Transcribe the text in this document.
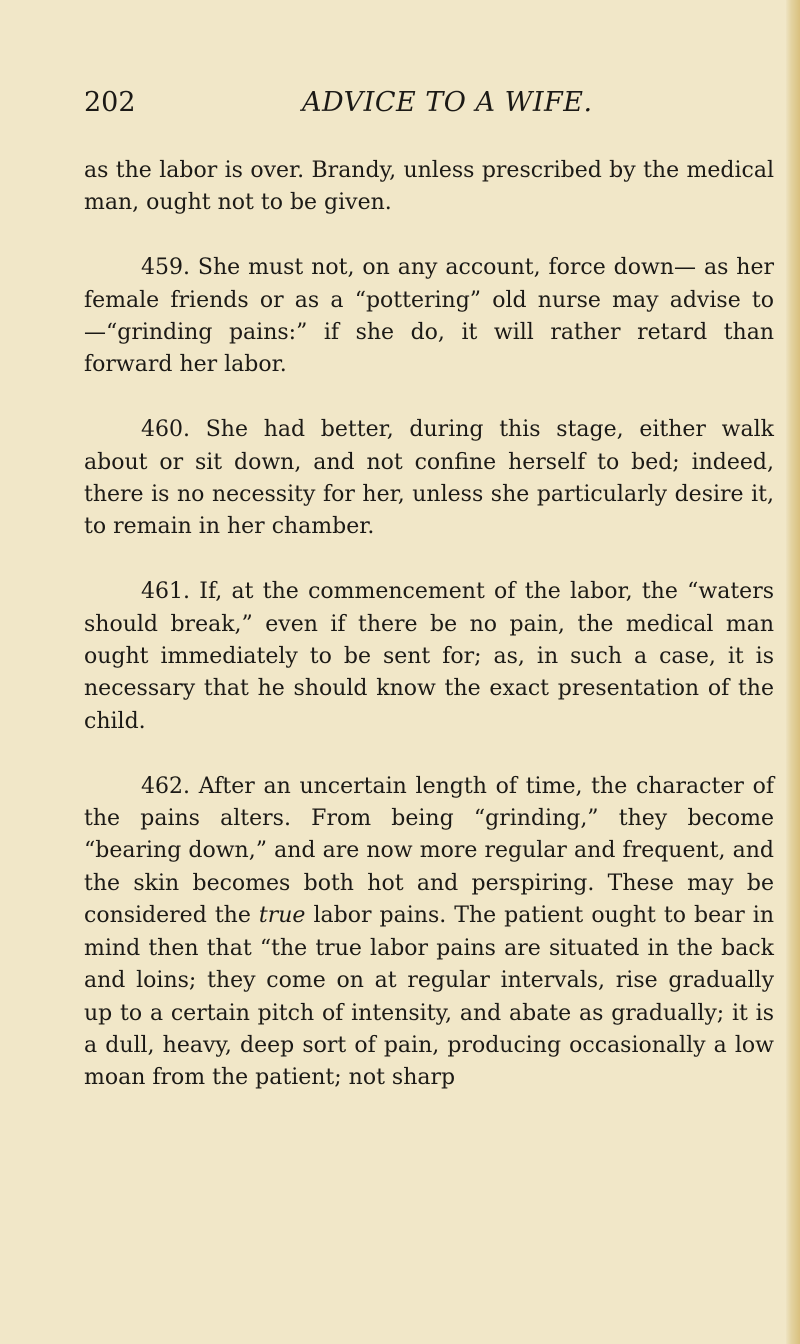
202	ADVICE TO A WIFE.

as the labor is over. Brandy, unless prescribed by the medical man, ought not to be given.

459. She must not, on any account, force down— as her female friends or as a “pottering” old nurse may advise to—“grinding pains:” if she do, it will rather retard than forward her labor.

460. She had better, during this stage, either walk about or sit down, and not confine herself to bed; indeed, there is no necessity for her, unless she particularly desire it, to remain in her chamber.

461. If, at the commencement of the labor, the “waters should break,” even if there be no pain, the medical man ought immediately to be sent for; as, in such a case, it is necessary that he should know the exact presentation of the child.

462. After an uncertain length of time, the character of the pains alters. From being “grinding,” they become “bearing down,” and are now more regular and frequent, and the skin becomes both hot and perspiring. These may be considered the true labor pains. The patient ought to bear in mind then that “the true labor pains are situated in the back and loins; they come on at regular intervals, rise gradually up to a certain pitch of intensity, and abate as gradually; it is a dull, heavy, deep sort of pain, producing occasionally a low moan from the patient; not sharp
